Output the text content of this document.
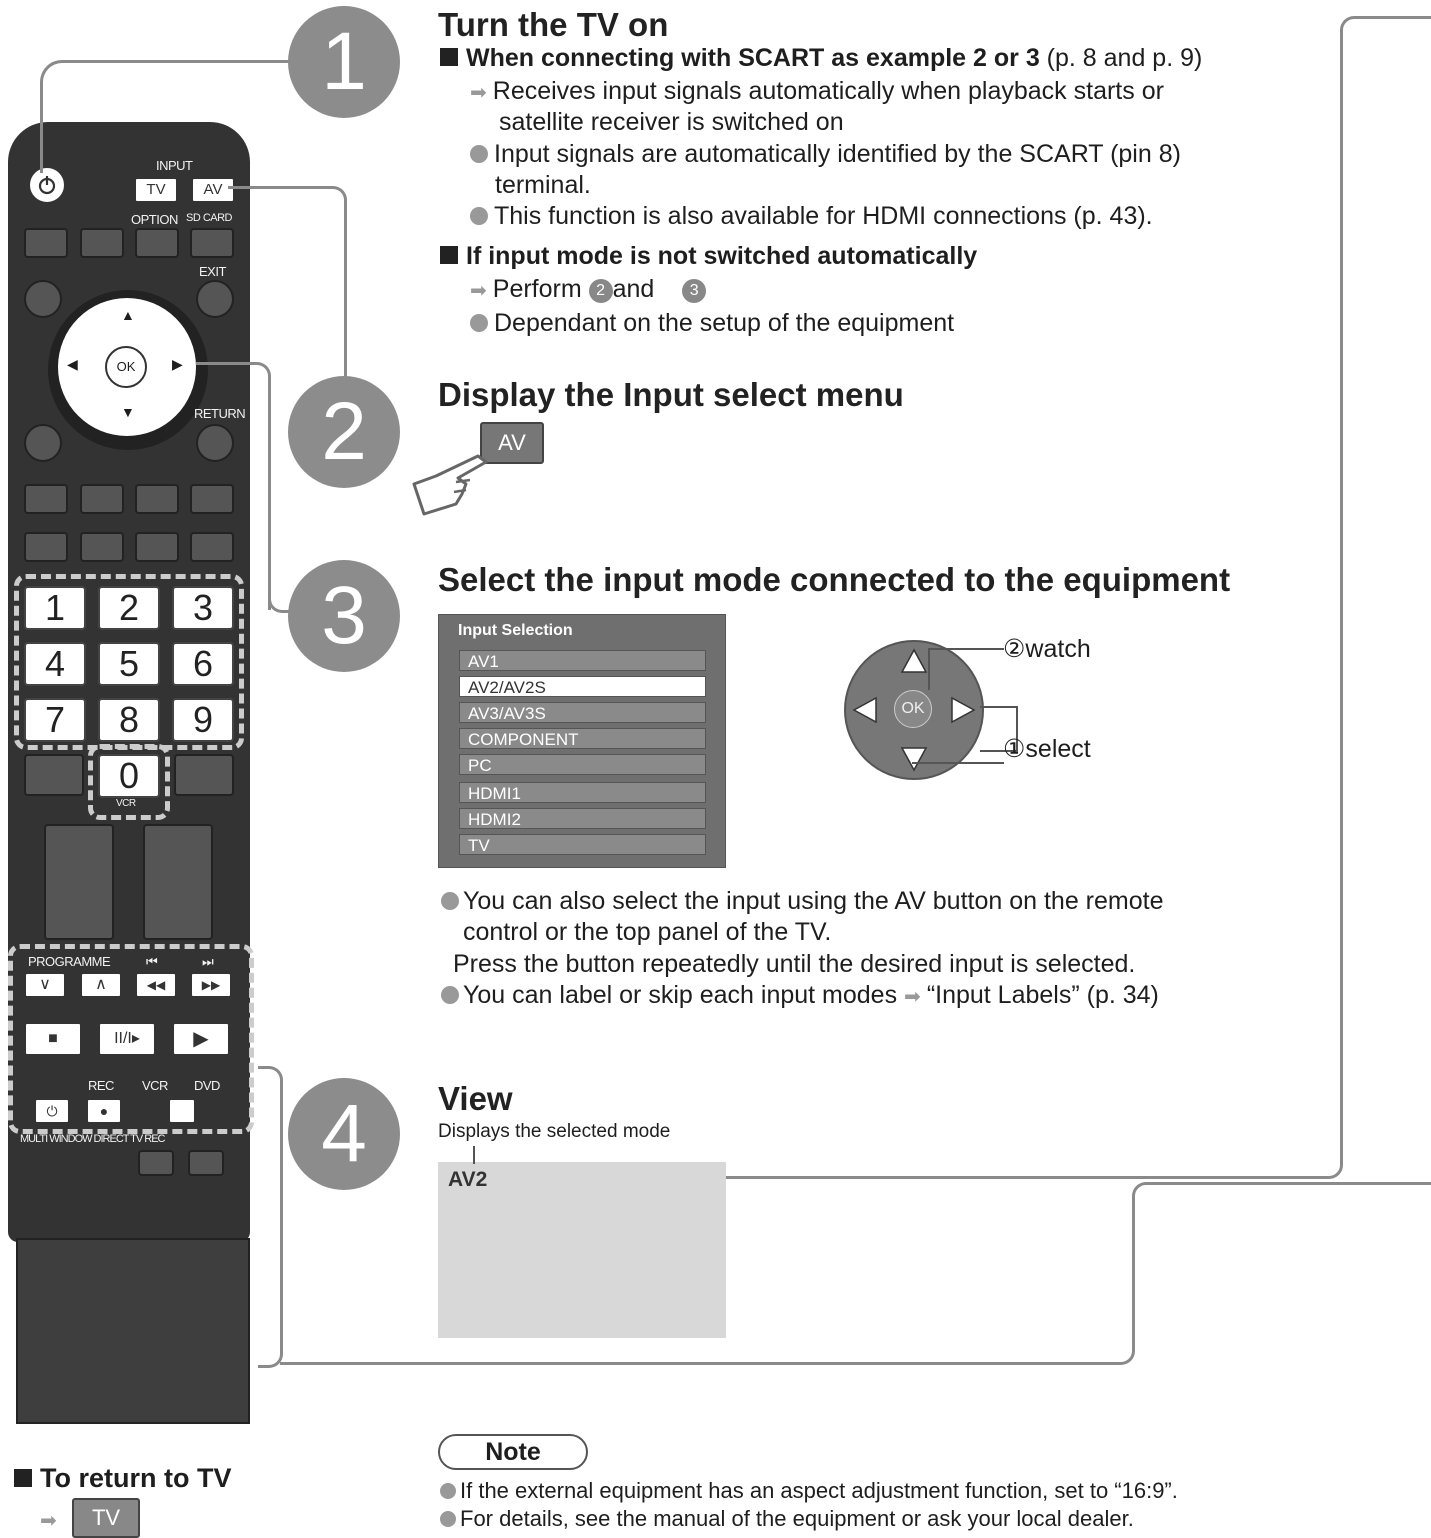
INPUT
TV	AV
OPTION SD CARD
EXIT
▲
▼
◀	▶
OK
RETURN
1	2	3
4	5	6
7	8	9
0
VCR
PROGRAMME	⏮	⏭
∨	∧	◀◀	▶▶
■	II/I▸	▶
REC VCR DVD
⏻	●
MULTI WINDOW DIRECT TV REC
1
2
3
4
Turn the TV on
When connecting with SCART as example 2 or 3 (p. 8 and p. 9)
➡ Receives input signals automatically when playback starts or
satellite receiver is switched on
Input signals are automatically identified by the SCART (pin 8)
terminal.
This function is also available for HDMI connections (p. 43).
If input mode is not switched automatically
➡ Perform 2 and 3
Dependant on the setup of the equipment
Display the Input select menu
AV
Select the input mode connected to the equipment
Input Selection
AV1
AV2/AV2S
AV3/AV3S
COMPONENT
PC
HDMI1
HDMI2
TV
OK
②watch
①select
You can also select the input using the AV button on the remote
control or the top panel of the TV.
Press the button repeatedly until the desired input is selected.
You can label or skip each input modes ➡ “Input Labels” (p. 34)
View
Displays the selected mode
AV2
To return to TV
➡	TV
Note
If the external equipment has an aspect adjustment function, set to “16:9”.
For details, see the manual of the equipment or ask your local dealer.
